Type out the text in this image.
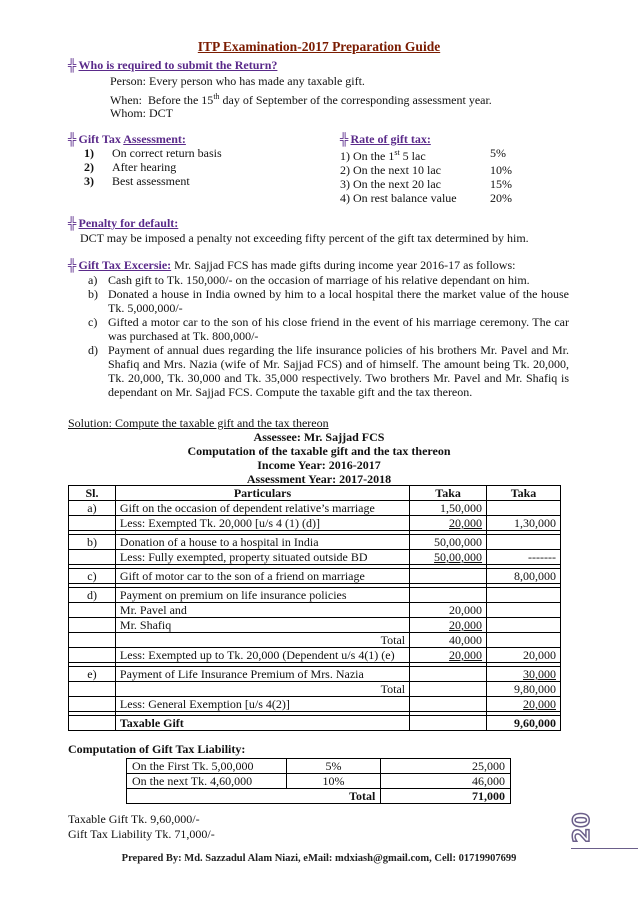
ITP Examination-2017 Preparation Guide
╬ Who is required to submit the Return?
Person:
Every person who has made any taxable gift.
When: Before the 15th day of September of the corresponding assessment year.
Whom: DCT
╬ Gift Tax Assessment:
1)	On correct return basis
2)	After hearing
3)	Best assessment
╬ Rate of gift tax:
1) On the 1st 5 lac	5%
2) On the next 10 lac	10%
3) On the next 20 lac	15%
4) On rest balance value	20%
╬ Penalty for default:
DCT may be imposed a penalty not exceeding fifty percent of the gift tax determined by him.
╬ Gift Tax Excersie: Mr. Sajjad FCS has made gifts during income year 2016-17 as follows:
a) Cash gift to Tk. 150,000/- on the occasion of marriage of his relative dependant on him.
b) Donated a house in India owned by him to a local hospital there the market value of the house Tk. 5,000,000/-
c) Gifted a motor car to the son of his close friend in the event of his marriage ceremony. The car was purchased at Tk. 800,000/-
d) Payment of annual dues regarding the life insurance policies of his brothers Mr. Pavel and Mr. Shafiq and Mrs. Nazia (wife of Mr. Sajjad FCS) and of himself. The amount being Tk. 20,000, Tk. 20,000, Tk. 30,000 and Tk. 35,000 respectively. Two brothers Mr. Pavel and Mr. Shafiq is dependant on Mr. Sajjad FCS. Compute the taxable gift and the tax thereon.
Solution: Compute the taxable gift and the tax thereon
Assessee: Mr. Sajjad FCS
Computation of the taxable gift and the tax thereon
Income Year: 2016-2017
Assessment Year: 2017-2018
Sl.	Particulars	Taka	Taka
a)	Gift on the occasion of dependent relative’s marriage	1,50,000	
	Less: Exempted Tk. 20,000 [u/s 4 (1) (d)]	20,000	1,30,000

b)	Donation of a house to a hospital in India	50,00,000	
	Less: Fully exempted, property situated outside BD	50,00,000	-------

c)	Gift of motor car to the son of a friend on marriage		8,00,000

d)	Payment on premium on life insurance policies		
	Mr. Pavel and	20,000	
	Mr. Shafiq	20,000	
	Total	40,000	
	Less: Exempted up to Tk. 20,000 (Dependent u/s 4(1) (e)	20,000	20,000

e)	Payment of Life Insurance Premium of Mrs. Nazia		30,000
	Total		9,80,000
	Less: General Exemption [u/s 4(2)]		20,000

	Taxable Gift		9,60,000
Computation of Gift Tax Liability:
On the First Tk. 5,00,000	5%	25,000
On the next Tk. 4,60,000	10%	46,000
Total		71,000
Taxable Gift Tk. 9,60,000/-
Gift Tax Liability Tk. 71,000/-	20
Prepared By: Md. Sazzadul Alam Niazi, eMail: mdxiash@gmail.com, Cell: 01719907699
